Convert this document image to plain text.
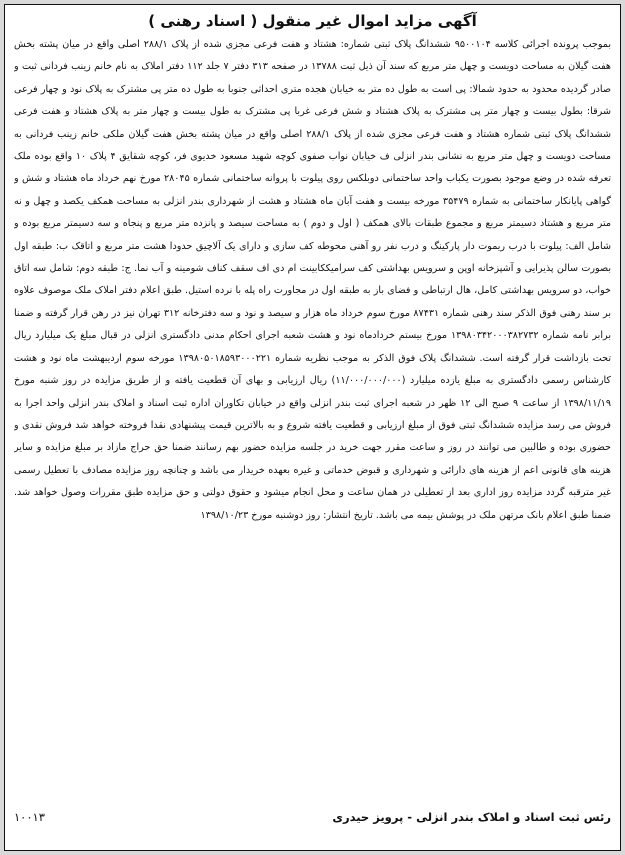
آگهی مزاید اموال غیر منقول ( اسناد رهنی )

بموجب پرونده اجرائی کلاسه ۹۵۰۰۱۰۴ ششدانگ پلاک ثبتی شماره: هشتاد و هفت فرعی مجزی شده از پلاک ۲۸۸/۱ اصلی واقع در میان پشته بخش هفت گیلان به مساحت دویست و چهل متر مربع که سند آن ذیل ثبت ۱۳۷۸۸ در صفحه ۳۱۳ دفتر ۷ جلد ۱۱۲ دفتر املاک به نام خانم زینب فردانی ثبت و صادر گردیده محدود به حدود شمالا: پی است به طول ده متر به خیابان هجده متری احداثی جنوبا به طول ده متر پی مشترک به پلاک نود و چهار فرعی شرقا: بطول بیست و چهار متر پی مشترک به پلاک هشتاد و شش فرعی غربا پی مشترک به طول بیست و چهار متر به پلاک هشتاد و هفت فرعی ششدانگ پلاک ثبتی شماره هشتاد و هفت فرعی مجزی شده از پلاک ۲۸۸/۱ اصلی واقع در میان پشته بخش هفت گیلان ملکی خانم زینب فردانی به مساحت دویست و چهل متر مربع به نشانی بندر انزلی ف خیابان نواب صفوی کوچه شهید مسعود خدیوی فر، کوچه شقایق ۴ پلاک ۱۰ واقع بوده ملک تعرفه شده در وضع موجود بصورت یکباب واحد ساختمانی دوبلکس روی پیلوت با پروانه ساختمانی شماره ۲۸۰۴۵ مورخ نهم خرداد ماه هشتاد و شش و گواهی پایانکار ساختمانی به شماره ۳۵۴۷۹ مورخه بیست و هفت آبان ماه هشتاد و هشت از شهرداری بندر انزلی به مساحت همکف یکصد و چهل و نه متر مربع و هشتاد دسیمتر مربع و مجموع طبقات بالای همکف ( اول و دوم ) به مساحت سیصد و پانزده متر مربع و پنجاه و سه دسیمتر مربع بوده و شامل الف: پیلوت با درب ریموت دار پارکینگ و درب نفر رو آهنی محوطه کف سازی و دارای یک آلاچیق حدودا هشت متر مربع و اتاقک ب: طبقه اول بصورت سالن پذیرایی و آشپزخانه اوپن و سرویس بهداشتی کف سرامیککابینت ام دی اف سقف کناف شومینه و آب نما. ج: طبقه دوم: شامل سه اتاق خواب، دو سرویس بهداشتی کامل، هال ارتباطی و فضای باز به طبقه اول در مجاورت راه پله با نرده استیل. طبق اعلام دفتر املاک ملک موصوف علاوه بر سند رهنی فوق الذکر سند رهنی شماره ۸۷۴۳۱ مورخ سوم خرداد ماه هزار و سیصد و نود و سه دفترخانه ۳۱۲ تهران نیز در رهن قرار گرفته و ضمنا برابر نامه شماره ۱۳۹۸۰۳۴۲۰۰۰۳۸۲۷۳۲ مورخ بیستم خردادماه نود و هشت شعبه اجرای احکام مدنی دادگستری انزلی در قبال مبلغ یک میلیارد ریال تحت بازداشت قرار گرفته است. ششدانگ پلاک فوق الذکر به موجب نظریه شماره ۱۳۹۸۰۵۰۱۸۵۹۳۰۰۰۲۲۱ مورخه سوم اردیبهشت ماه نود و هشت کارشناس رسمی دادگستری به مبلغ یازده میلیارد (۱۱/۰۰۰/۰۰۰/۰۰۰) ریال ارزیابی و بهای آن قطعیت یافته و از طریق مزایده در روز شنبه مورخ ۱۳۹۸/۱۱/۱۹ از ساعت ۹ صبح الی ۱۲ ظهر در شعبه اجرای ثبت بندر انزلی واقع در خیابان تکاوران اداره ثبت اسناد و املاک بندر انزلی واحد اجرا به فروش می رسد مزایده ششدانگ ثبتی فوق از مبلغ ارزیابی و قطعیت یافته شروع و به بالاترین قیمت پیشنهادی نقدا فروخته خواهد شد فروش نقدی و حضوری بوده و طالبین می توانند در روز و ساعت مقرر جهت خرید در جلسه مزایده حضور بهم رسانند ضمنا حق حراج مازاد بر مبلغ مزایده و سایر هزینه های قانونی اعم از هزینه های دارائی و شهرداری و قبوض خدماتی و غیره بعهده خریدار می باشد و چنانچه روز مزایده مصادف با تعطیل رسمی غیر مترقبه گردد مزایده روز اداری بعد از تعطیلی در همان ساعت و محل انجام میشود و حقوق دولتی و حق مزایده طبق مقررات وصول خواهد شد. ضمنا طبق اعلام بانک مرتهن ملک در پوشش بیمه می باشد. تاریخ انتشار: روز دوشنبه مورخ ۱۳۹۸/۱۰/۲۳

رئس ثبت اسناد و املاک بندر انزلی - پرویز حیدری
۱۰۰۱۳
